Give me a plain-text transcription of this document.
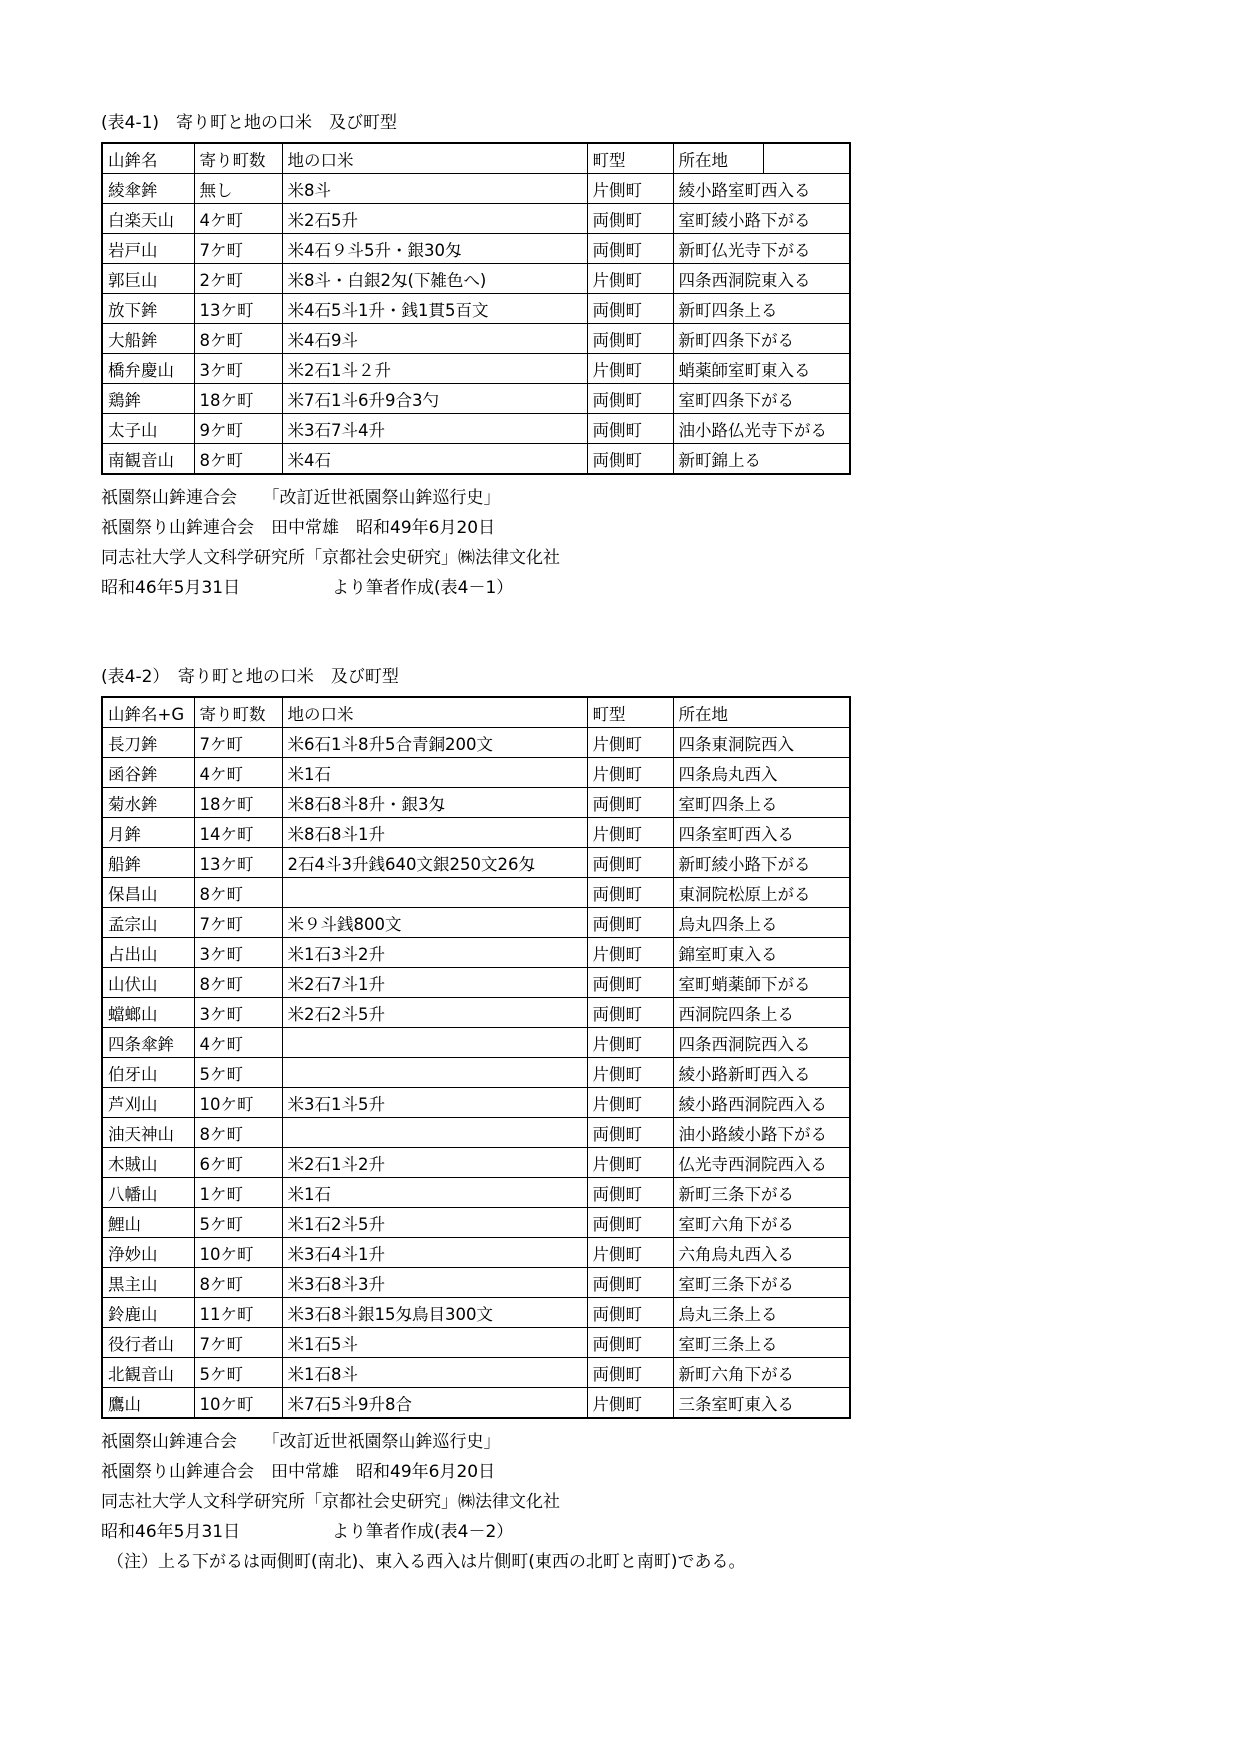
(表4-1)　寄り町と地の口米　及び町型
山鉾名	寄り町数	地の口米	町型	所在地	
綾傘鉾	無し	米8斗	片側町	綾小路室町西入る	
白楽天山	4ケ町	米2石5升	両側町	室町綾小路下がる	
岩戸山	7ケ町	米4石９斗5升・銀30匁	両側町	新町仏光寺下がる	
郭巨山	2ケ町	米8斗・白銀2匁(下雑色へ)	片側町	四条西洞院東入る	
放下鉾	13ケ町	米4石5斗1升・銭1貫5百文	両側町	新町四条上る	
大船鉾	8ケ町	米4石9斗	両側町	新町四条下がる	
橋弁慶山	3ケ町	米2石1斗２升	片側町	蛸薬師室町東入る	
鶏鉾	18ケ町	米7石1斗6升9合3勺	両側町	室町四条下がる	
太子山	9ケ町	米3石7斗4升	両側町	油小路仏光寺下がる	
南観音山	8ケ町	米4石	両側町	新町錦上る	
祇園祭山鉾連合会　　「改訂近世祇園祭山鉾巡行史」
祇園祭り山鉾連合会　田中常雄　昭和49年6月20日
同志社大学人文科学研究所「京都社会史研究」㈱法律文化社
昭和46年5月31日	より筆者作成(表4－1）
(表4-2）　寄り町と地の口米　及び町型
山鉾名+G	寄り町数	地の口米	町型	所在地
長刀鉾	7ケ町	米6石1斗8升5合青銅200文	片側町	四条東洞院西入
函谷鉾	4ケ町	米1石	片側町	四条烏丸西入
菊水鉾	18ケ町	米8石8斗8升・銀3匁	両側町	室町四条上る
月鉾	14ケ町	米8石8斗1升	片側町	四条室町西入る
船鉾	13ケ町	2石4斗3升銭640文銀250文26匁	両側町	新町綾小路下がる
保昌山	8ケ町		両側町	東洞院松原上がる
孟宗山	7ケ町	米９斗銭800文	両側町	烏丸四条上る
占出山	3ケ町	米1石3斗2升	片側町	錦室町東入る
山伏山	8ケ町	米2石7斗1升	両側町	室町蛸薬師下がる
蟷螂山	3ケ町	米2石2斗5升	両側町	西洞院四条上る
四条傘鉾	4ケ町		片側町	四条西洞院西入る
伯牙山	5ケ町		片側町	綾小路新町西入る
芦刈山	10ケ町	米3石1斗5升	片側町	綾小路西洞院西入る
油天神山	8ケ町		両側町	油小路綾小路下がる
木賊山	6ケ町	米2石1斗2升	片側町	仏光寺西洞院西入る
八幡山	1ケ町	米1石	両側町	新町三条下がる
鯉山	5ケ町	米1石2斗5升	両側町	室町六角下がる
浄妙山	10ケ町	米3石4斗1升	片側町	六角烏丸西入る
黒主山	8ケ町	米3石8斗3升	両側町	室町三条下がる
鈴鹿山	11ケ町	米3石8斗銀15匁鳥目300文	両側町	烏丸三条上る
役行者山	7ケ町	米1石5斗	両側町	室町三条上る
北観音山	5ケ町	米1石8斗	両側町	新町六角下がる
鷹山	10ケ町	米7石5斗9升8合	片側町	三条室町東入る
祇園祭山鉾連合会　　「改訂近世祇園祭山鉾巡行史」
祇園祭り山鉾連合会　田中常雄　昭和49年6月20日
同志社大学人文科学研究所「京都社会史研究」㈱法律文化社
昭和46年5月31日	より筆者作成(表4－2）
（注）上る下がるは両側町(南北)、東入る西入は片側町(東西の北町と南町)である。
